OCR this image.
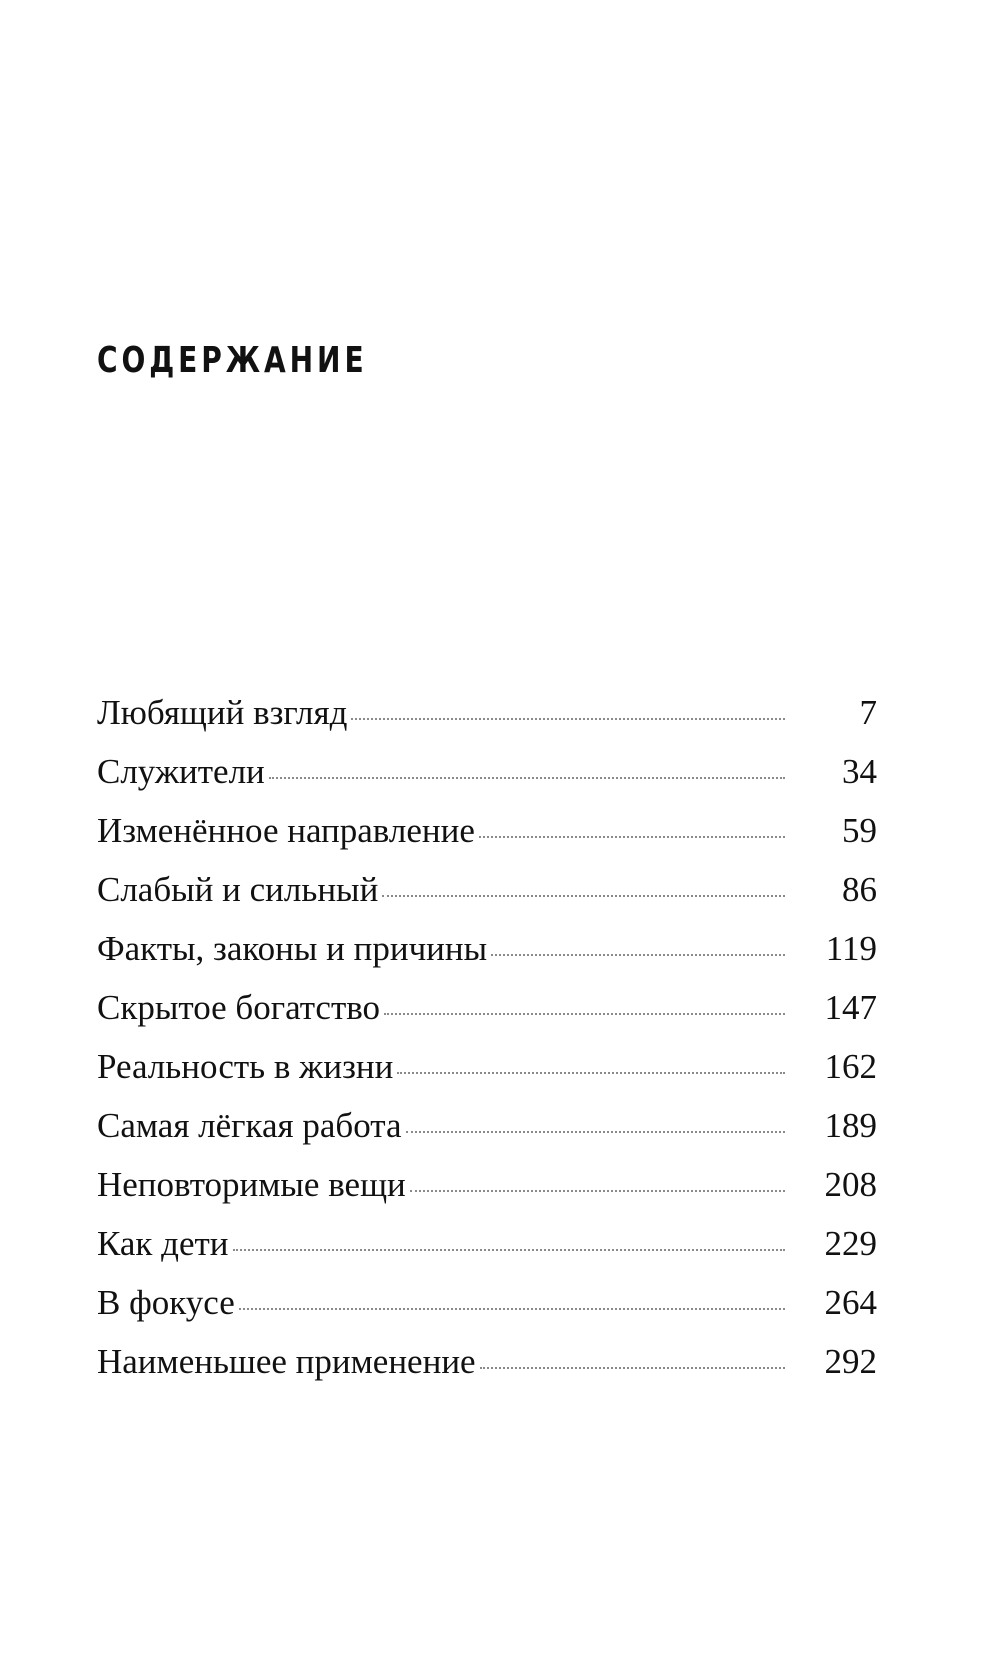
СОДЕРЖАНИЕ
Любящий взгляд	7
Служители	34
Изменённое направление	59
Слабый и сильный	86
Факты, законы и причины	119
Скрытое богатство	147
Реальность в жизни	162
Самая лёгкая работа	189
Неповторимые вещи	208
Как дети	229
В фокусе	264
Наименьшее применение	292
